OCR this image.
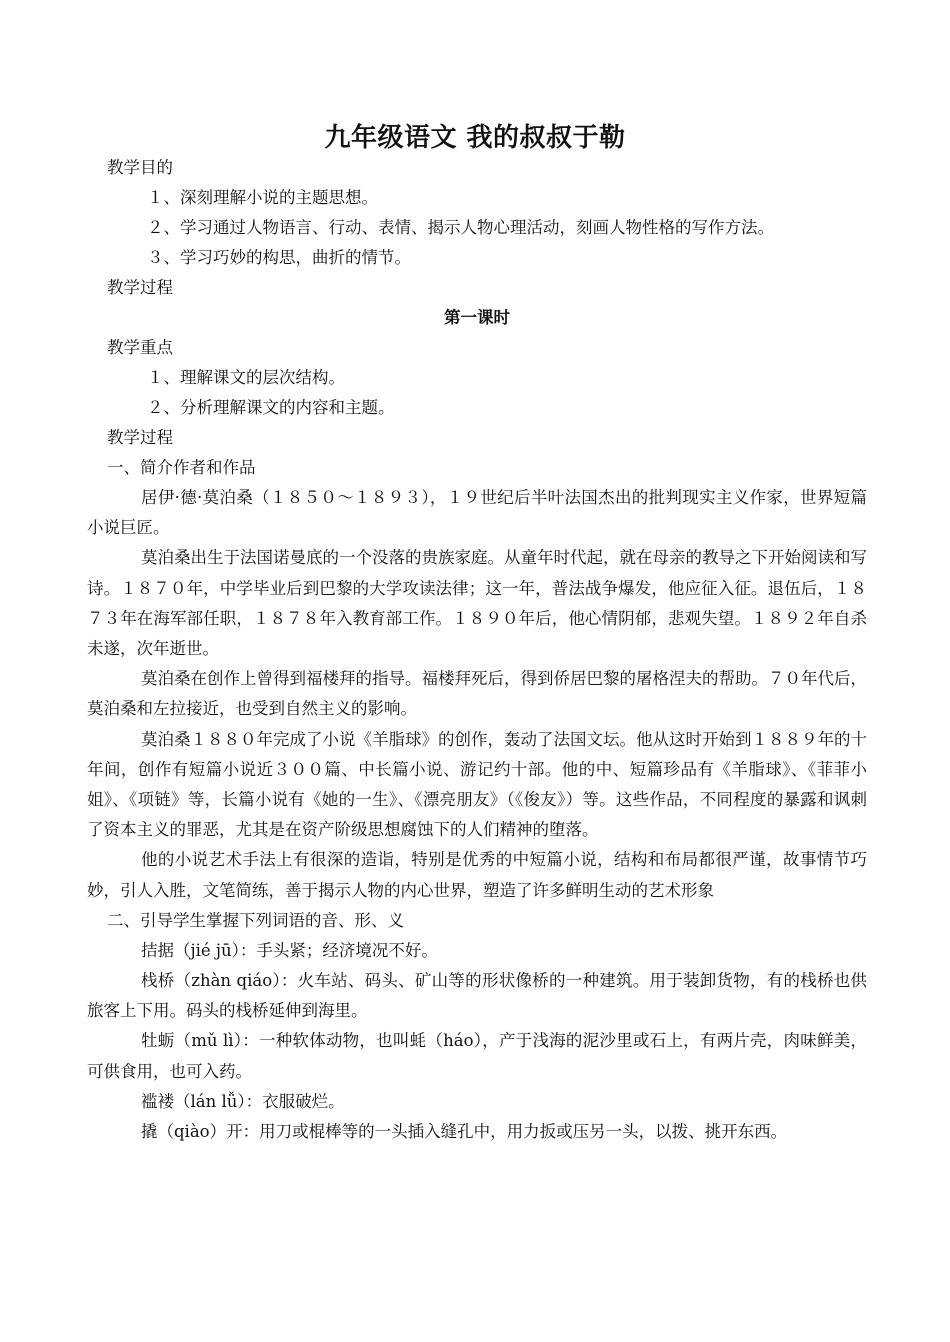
九年级语文 我的叔叔于勒

教学目的

１、深刻理解小说的主题思想。

２、学习通过人物语言、行动、表情、揭示人物心理活动，刻画人物性格的写作方法。

３、学习巧妙的构思，曲折的情节。

教学过程

第一课时

教学重点

１、理解课文的层次结构。

２、分析理解课文的内容和主题。

教学过程

一、简介作者和作品

居伊·德·莫泊桑（１８５０～１８９３），１９世纪后半叶法国杰出的批判现实主义作家，世界短篇小说巨匠。

莫泊桑出生于法国诺曼底的一个没落的贵族家庭。从童年时代起，就在母亲的教导之下开始阅读和写诗。１８７０年，中学毕业后到巴黎的大学攻读法律；这一年，普法战争爆发，他应征入征。退伍后，１８７３年在海军部任职，１８７８年入教育部工作。１８９０年后，他心情阴郁，悲观失望。１８９２年自杀未遂，次年逝世。

莫泊桑在创作上曾得到福楼拜的指导。福楼拜死后，得到侨居巴黎的屠格涅夫的帮助。７０年代后，莫泊桑和左拉接近，也受到自然主义的影响。

莫泊桑１８８０年完成了小说《羊脂球》的创作，轰动了法国文坛。他从这时开始到１８８９年的十年间，创作有短篇小说近３００篇、中长篇小说、游记约十部。他的中、短篇珍品有《羊脂球》、《菲菲小姐》、《项链》等，长篇小说有《她的一生》、《漂亮朋友》（《俊友》）等。这些作品，不同程度的暴露和讽刺了资本主义的罪恶，尤其是在资产阶级思想腐蚀下的人们精神的堕落。

他的小说艺术手法上有很深的造诣，特别是优秀的中短篇小说，结构和布局都很严谨，故事情节巧妙，引人入胜，文笔简练，善于揭示人物的内心世界，塑造了许多鲜明生动的艺术形象

二、引导学生掌握下列词语的音、形、义

拮据（jié jū）：手头紧；经济境况不好。

栈桥（zhàn qiáo）：火车站、码头、矿山等的形状像桥的一种建筑。用于装卸货物，有的栈桥也供旅客上下用。码头的栈桥延伸到海里。

牡蛎（mǔ lì）：一种软体动物，也叫蚝（háo），产于浅海的泥沙里或石上，有两片壳，肉味鲜美，可供食用，也可入药。

褴褛（lán lǚ）：衣服破烂。

撬（qiào）开：用刀或棍棒等的一头插入缝孔中，用力扳或压另一头，以拨、挑开东西。
